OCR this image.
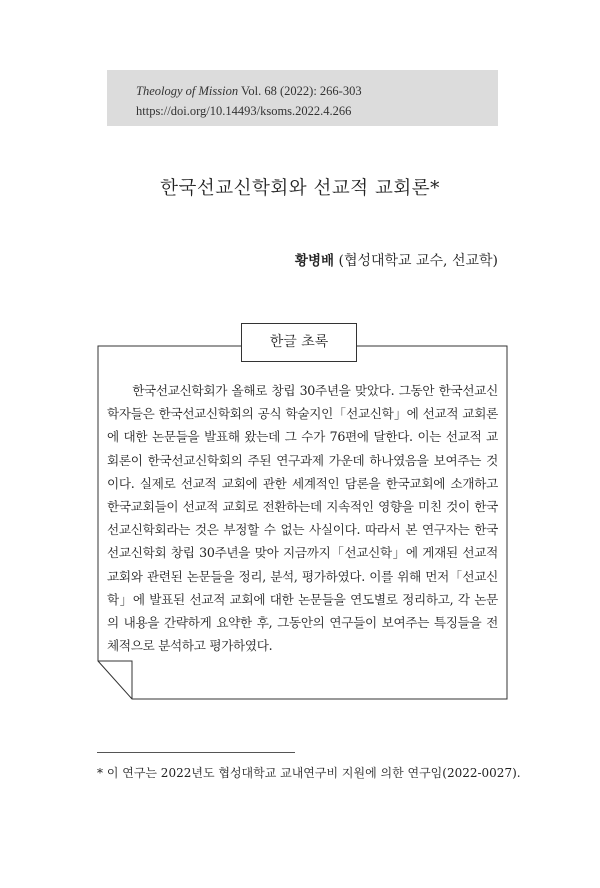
Theology of Mission Vol. 68 (2022): 266-303
https://doi.org/10.14493/ksoms.2022.4.266
한국선교신학회와 선교적 교회론*
황병배 (협성대학교 교수, 선교학)
한글 초록

한국선교신학회가 올해로 창립 30주년을 맞았다. 그동안 한국선교신학자들은 한국선교신학회의 공식 학술지인「선교신학」에 선교적 교회론에 대한 논문들을 발표해 왔는데 그 수가 76편에 달한다. 이는 선교적 교회론이 한국선교신학회의 주된 연구과제 가운데 하나였음을 보여주는 것이다. 실제로 선교적 교회에 관한 세계적인 담론을 한국교회에 소개하고 한국교회들이 선교적 교회로 전환하는데 지속적인 영향을 미친 것이 한국선교신학회라는 것은 부정할 수 없는 사실이다. 따라서 본 연구자는 한국선교신학회 창립 30주년을 맞아 지금까지「선교신학」에 게재된 선교적 교회와 관련된 논문들을 정리, 분석, 평가하였다. 이를 위해 먼저「선교신학」에 발표된 선교적 교회에 대한 논문들을 연도별로 정리하고, 각 논문의 내용을 간략하게 요약한 후, 그동안의 연구들이 보여주는 특징들을 전체적으로 분석하고 평가하였다.

* 이 연구는 2022년도 협성대학교 교내연구비 지원에 의한 연구임(2022-0027).
